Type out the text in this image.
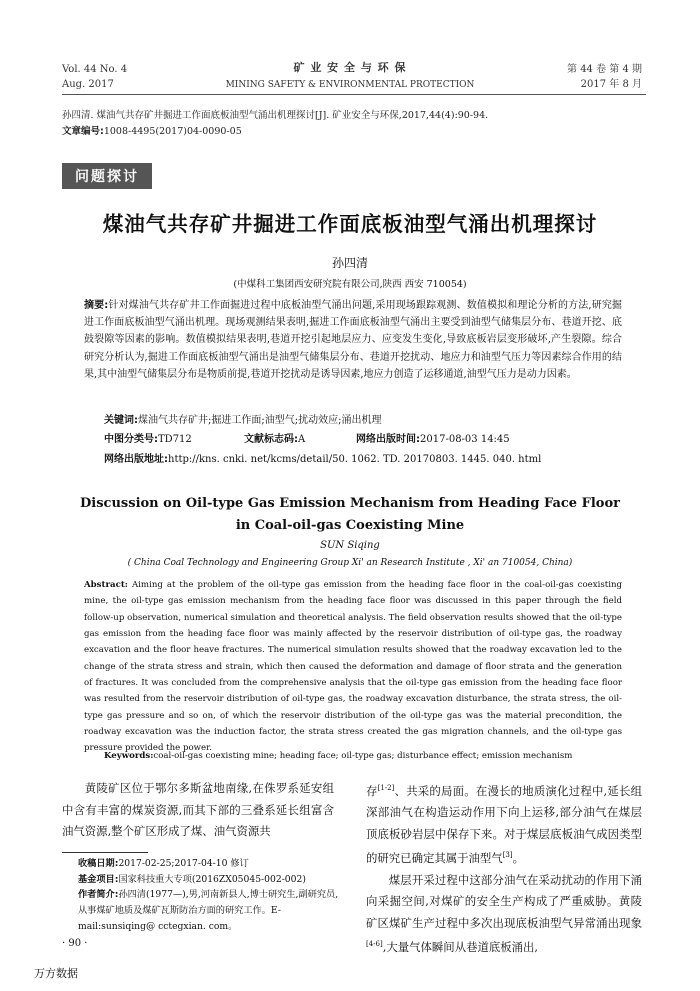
Vol. 44 No. 4
Aug. 2017
矿 业 安 全 与 环 保
MINING SAFETY & ENVIRONMENTAL PROTECTION
第 44 卷 第 4 期
2017 年 8 月
孙四清. 煤油气共存矿井掘进工作面底板油型气涌出机理探讨[J]. 矿业安全与环保,2017,44(4):90-94.
文章编号:1008-4495(2017)04-0090-05
问题探讨
煤油气共存矿井掘进工作面底板油型气涌出机理探讨
孙四清
(中煤科工集团西安研究院有限公司,陕西 西安 710054)
摘要:针对煤油气共存矿井工作面掘进过程中底板油型气涌出问题,采用现场跟踪观测、数值模拟和理论分析的方法,研究掘进工作面底板油型气涌出机理。现场观测结果表明,掘进工作面底板油型气涌出主要受到油型气储集层分布、巷道开挖、底鼓裂隙等因素的影响。数值模拟结果表明,巷道开挖引起地层应力、应变发生变化,导致底板岩层变形破坏,产生裂隙。综合研究分析认为,掘进工作面底板油型气涌出是油型气储集层分布、巷道开挖扰动、地应力和油型气压力等因素综合作用的结果,其中油型气储集层分布是物质前提,巷道开挖扰动是诱导因素,地应力创造了运移通道,油型气压力是动力因素。
关键词:煤油气共存矿井;掘进工作面;油型气;扰动效应;涌出机理
中图分类号:TD712	文献标志码:A	网络出版时间:2017-08-03 14:45
网络出版地址:http://kns. cnki. net/kcms/detail/50. 1062. TD. 20170803. 1445. 040. html
Discussion on Oil-type Gas Emission Mechanism from Heading Face Floor
in Coal-oil-gas Coexisting Mine
SUN Siqing
( China Coal Technology and Engineering Group Xi' an Research Institute , Xi' an 710054, China)
Abstract: Aiming at the problem of the oil-type gas emission from the heading face floor in the coal-oil-gas coexisting mine, the oil-type gas emission mechanism from the heading face floor was discussed in this paper through the field follow-up observation, numerical simulation and theoretical analysis. The field observation results showed that the oil-type gas emission from the heading face floor was mainly affected by the reservoir distribution of oil-type gas, the roadway excavation and the floor heave fractures. The numerical simulation results showed that the roadway excavation led to the change of the strata stress and strain, which then caused the deformation and damage of floor strata and the generation of fractures. It was concluded from the comprehensive analysis that the oil-type gas emission from the heading face floor was resulted from the reservoir distribution of oil-type gas, the roadway excavation disturbance, the strata stress, the oil-type gas pressure and so on, of which the reservoir distribution of the oil-type gas was the material precondition, the roadway excavation was the induction factor, the strata stress created the gas migration channels, and the oil-type gas pressure provided the power.
Keywords:coal-oil-gas coexisting mine; heading face; oil-type gas; disturbance effect; emission mechanism
黄陵矿区位于鄂尔多斯盆地南缘,在侏罗系延安组中含有丰富的煤炭资源,而其下部的三叠系延长组富含油气资源,整个矿区形成了煤、油气资源共

存[1-2]、共采的局面。在漫长的地质演化过程中,延长组深部油气在构造运动作用下向上运移,部分油气在煤层顶底板砂岩层中保存下来。对于煤层底板油气成因类型的研究已确定其属于油型气[3]。

煤层开采过程中这部分油气在采动扰动的作用下涌向采掘空间,对煤矿的安全生产构成了严重威胁。黄陵矿区煤矿生产过程中多次出现底板油型气异常涌出现象[4-6],大量气体瞬间从巷道底板涌出,

收稿日期:2017-02-25;2017-04-10 修订
基金项目:国家科技重大专项(2016ZX05045-002-002)
作者简介:孙四清(1977—),男,河南新县人,博士研究生,副研究员,从事煤矿地质及煤矿瓦斯防治方面的研究工作。E-mail:sunsiqing@ cctegxian. com。
· 90 ·
万方数据
